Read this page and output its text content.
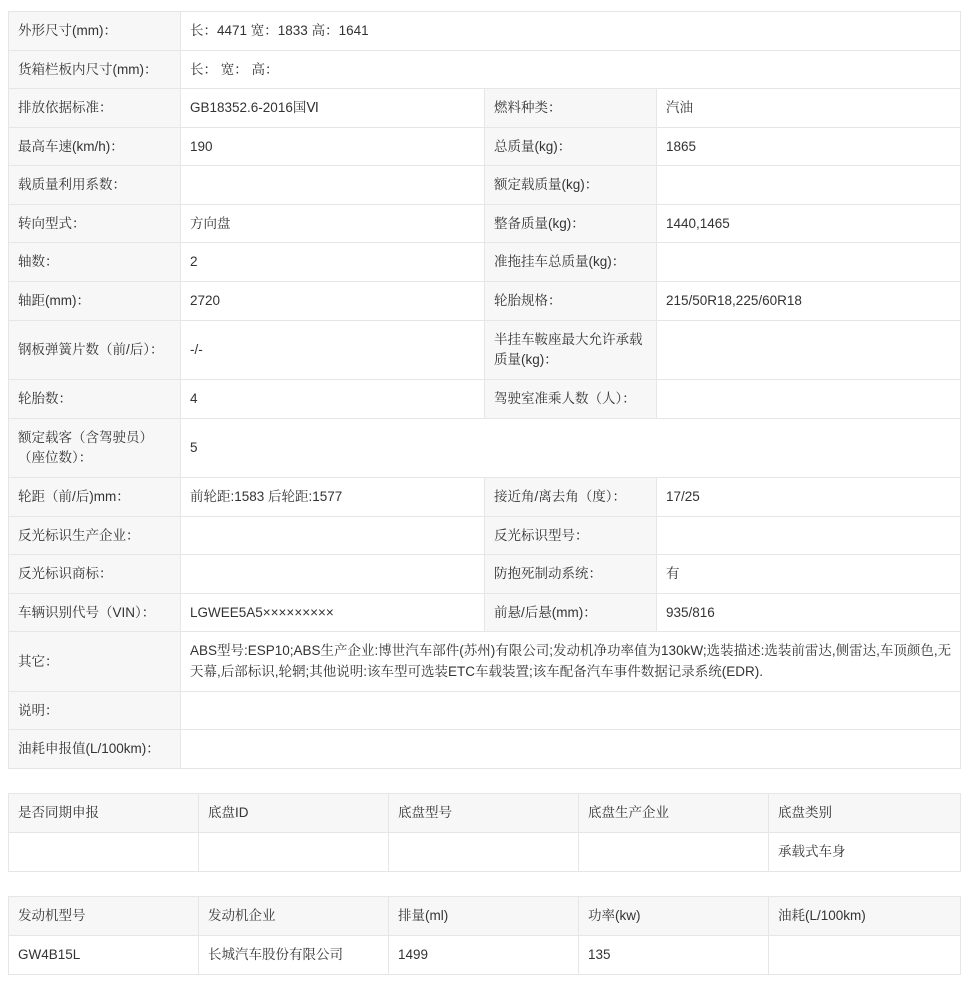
外形尺寸(mm)：	长：4471 宽：1833 高：1641		
货箱栏板内尺寸(mm)：	长： 宽： 高：		
排放依据标准：	GB18352.6-2016国Ⅵ	燃料种类：	汽油
最高车速(km/h)：	190	总质量(kg)：	1865
载质量利用系数：		额定载质量(kg)：	
转向型式：	方向盘	整备质量(kg)：	1440,1465
轴数：	2	准拖挂车总质量(kg)：	
轴距(mm)：	2720	轮胎规格：	215/50R18,225/60R18
钢板弹簧片数（前/后）：	-/-	半挂车鞍座最大允许承载质量(kg)：	
轮胎数：	4	驾驶室准乘人数（人）：	
额定载客（含驾驶员）（座位数）：	5		
轮距（前/后)mm：	前轮距:1583 后轮距:1577	接近角/离去角（度）：	17/25
反光标识生产企业：		反光标识型号：	
反光标识商标：		防抱死制动系统：	有
车辆识别代号（VIN）：	LGWEE5A5×××××××××	前悬/后悬(mm)：	935/816
其它：	ABS型号:ESP10;ABS生产企业:博世汽车部件(苏州)有限公司;发动机净功率值为130kW;选装描述:选装前雷达,侧雷达,车顶颜色,无天幕,后部标识,轮辋;其他说明:该车型可选装ETC车载装置;该车配备汽车事件数据记录系统(EDR).		
说明：			
油耗申报值(L/100km)：			
是否同期申报	底盘ID	底盘型号	底盘生产企业	底盘类别
				承载式车身
发动机型号	发动机企业	排量(ml)	功率(kw)	油耗(L/100km)
GW4B15L	长城汽车股份有限公司	1499	135	
